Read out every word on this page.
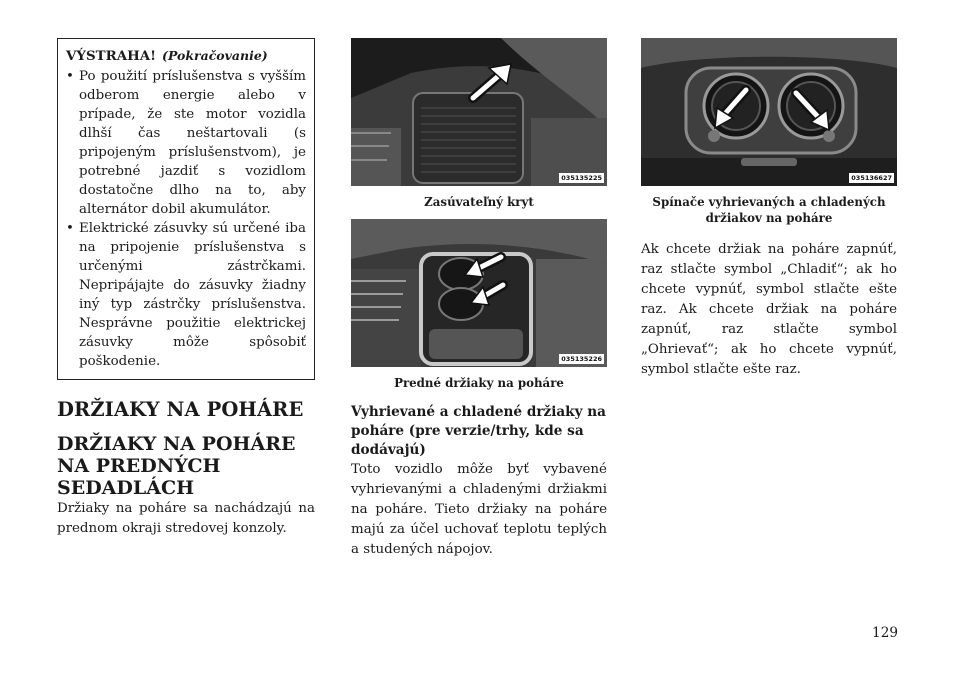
VÝSTRAHA! (Pokračovanie)
• Po použití príslušenstva s vyšším odberom energie alebo v prípade, že ste motor vozidla dlhší čas neštartovali (s pripojeným príslušenstvom), je potrebné jazdiť s vozidlom dostatočne dlho na to, aby alternátor dobil akumulátor.
• Elektrické zásuvky sú určené iba na pripojenie príslušenstva s určenými zástrčkami. Nepripájajte do zásuvky žiadny iný typ zástrčky príslušenstva. Nesprávne použitie elektrickej zásuvky môže spôsobiť poškodenie.
DRŽIAKY NA POHÁRE
DRŽIAKY NA POHÁRE NA PREDNÝCH SEDADLÁCH

Držiaky na poháre sa nachádzajú na prednom okraji stredovej konzoly.

035135225
Zasúvateľný kryt
035135226
Predné držiaky na poháre
Vyhrievané a chladené držiaky na poháre (pre verzie/trhy, kde sa dodávajú)

Toto vozidlo môže byť vybavené vyhrievanými a chladenými držiakmi na poháre. Tieto držiaky na poháre majú za účel uchovať teplotu teplých a studených nápojov.

035136627
Spínače vyhrievaných a chladených držiakov na poháre

Ak chcete držiak na poháre zapnúť, raz stlačte symbol „Chladiť“; ak ho chcete vypnúť, symbol stlačte ešte raz. Ak chcete držiak na poháre zapnúť, raz stlačte symbol „Ohrievať“; ak ho chcete vypnúť, symbol stlačte ešte raz.

129
